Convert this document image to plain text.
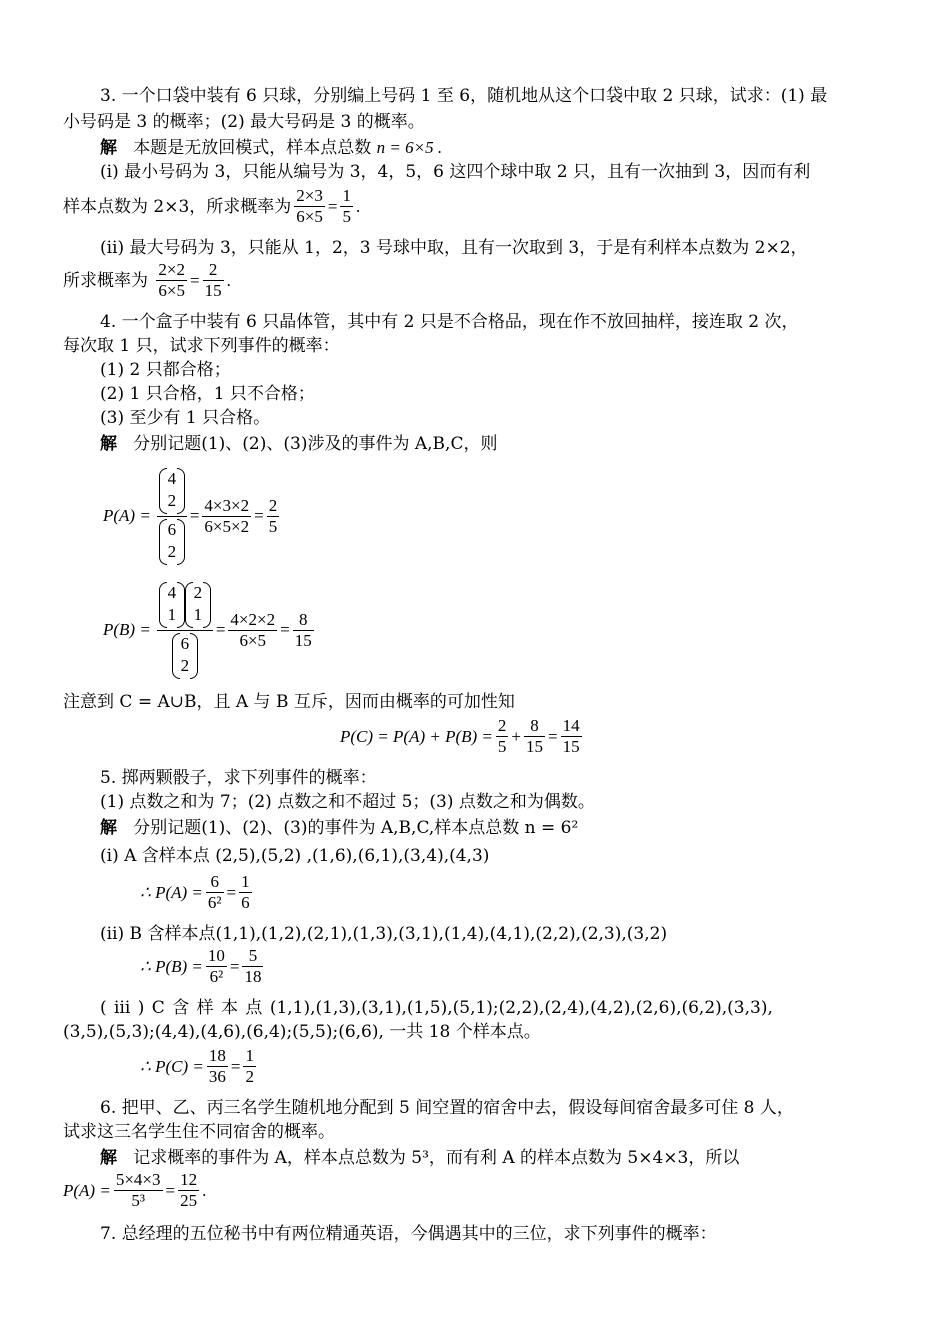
3. 一个口袋中装有 6 只球，分别编上号码 1 至 6，随机地从这个口袋中取 2 只球，试求：(1) 最
小号码是 3 的概率；(2) 最大号码是 3 的概率。
解 本题是无放回模式，样本点总数 n = 6×5 .
(ⅰ) 最小号码为 3，只能从编号为 3，4，5，6 这四个球中取 2 只，且有一次抽到 3，因而有利
样本点数为 2×3，所求概率为 $\frac{2\times 3}{6\times 5} = \frac{1}{5}$ .
(ⅱ) 最大号码为 3，只能从 1，2，3 号球中取，且有一次取到 3，于是有利样本点数为 2×2，
所求概率为
$\frac{2\times 2}{6\times 5} = \frac{2}{15}$ .
4. 一个盒子中装有 6 只晶体管，其中有 2 只是不合格品，现在作不放回抽样，接连取 2 次，
每次取 1 只，试求下列事件的概率：
(1) 2 只都合格；
(2) 1 只合格，1 只不合格；
(3) 至少有 1 只合格。
解 分别记题(1)、(2)、(3)涉及的事件为 A,B,C，则
P(A) = 4
2
6
$2 = \frac{4\times 3\times 2}{6\times 5\times 2} = \frac{2}{5}$
P(B) = 4
1
2
1
6
$2 = \frac{4\times 2\times 2}{6\times 5} = \frac{8}{15}$
注意到 C = A∪B，且 A 与 B 互斥，因而由概率的可加性知
$P(C) = P(A) + P(B) = \frac{2}{5} + \frac{8}{15} = \frac{14}{15}$
5. 掷两颗骰子，求下列事件的概率：
(1) 点数之和为 7；(2) 点数之和不超过 5；(3) 点数之和为偶数。
解 分别记题(1)、(2)、(3)的事件为 A,B,C,样本点总数 n = 6²
(ⅰ) A 含样本点 (2,5),(5,2) ,(1,6),(6,1),(3,4),(4,3)
∴ $P(A) = \frac{6}{\text{6²}} = \frac{1}{6}$
(ⅱ) B 含样本点(1,1),(1,2),(2,1),(1,3),(3,1),(1,4),(4,1),(2,2),(2,3),(3,2)
∴ $P(B) = \frac{10}{\text{6²}} = \frac{5}{18}$
( ⅲ ) C 含 样 本 点 (1,1),(1,3),(3,1),(1,5),(5,1);(2,2),(2,4),(4,2),(2,6),(6,2),(3,3),
(3,5),(5,3);(4,4),(4,6),(6,4);(5,5);(6,6), 一共 18 个样本点。
∴ $P(C) = \frac{18}{36} = \frac{1}{2}$
6. 把甲、乙、丙三名学生随机地分配到 5 间空置的宿舍中去，假设每间宿舍最多可住 8 人，
试求这三名学生住不同宿舍的概率。
解 记求概率的事件为 A，样本点总数为 5³，而有利 A 的样本点数为 5×4×3，所以
$P(A) = \frac{5\times 4\times 3}{\text{5³}} = \frac{12}{25}$ .
7. 总经理的五位秘书中有两位精通英语，今偶遇其中的三位，求下列事件的概率：
